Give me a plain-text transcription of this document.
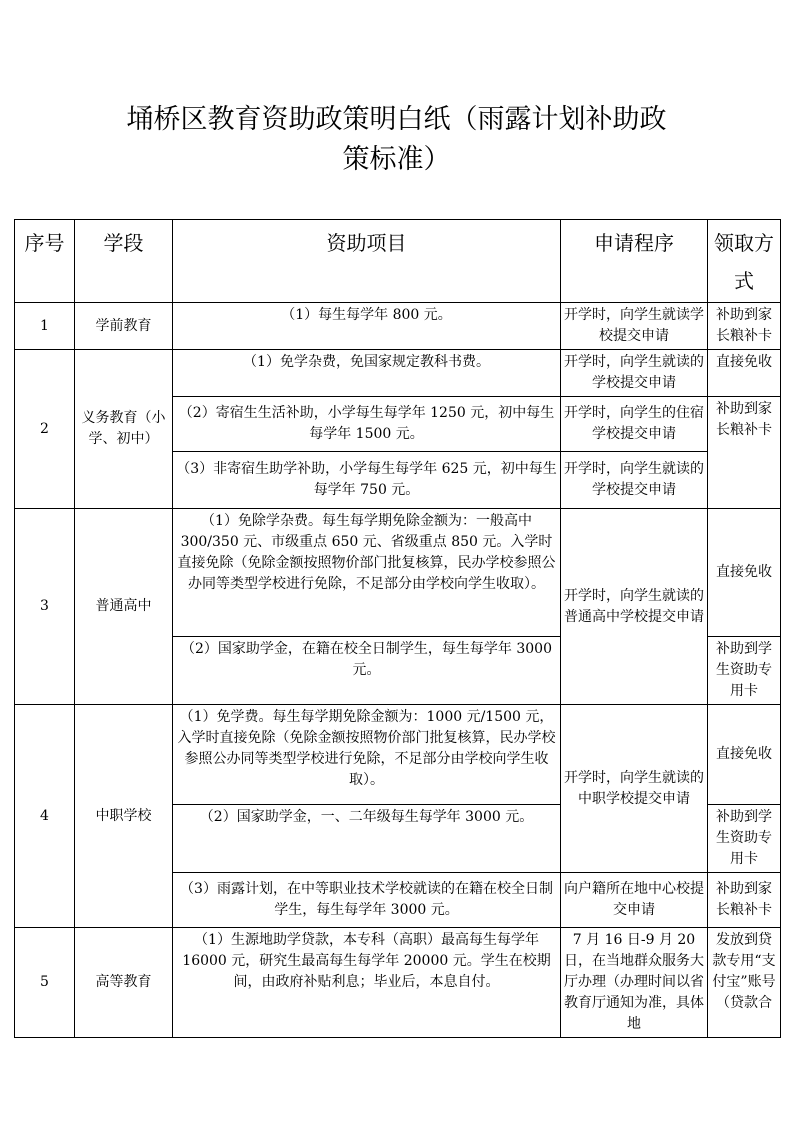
埇桥区教育资助政策明白纸（雨露计划补助政
策标准）
序号	学段	资助项目	申请程序	领取方式
1	学前教育	（1）每生每学年 800 元。	开学时，向学生就读学校提交申请	补助到家长粮补卡
2	义务教育（小学、初中）	（1）免学杂费，免国家规定教科书费。	开学时，向学生就读的学校提交申请	直接免收
		（2）寄宿生生活补助，小学每生每学年 1250 元，初中每生每学年 1500 元。	开学时，向学生的住宿学校提交申请	补助到家长粮补卡
		（3）非寄宿生助学补助，小学每生每学年 625 元，初中每生每学年 750 元。	开学时，向学生就读的学校提交申请	
3	普通高中	（1）免除学杂费。每生每学期免除金额为：一般高中 300/350 元、市级重点 650 元、省级重点 850 元。入学时直接免除（免除金额按照物价部门批复核算，民办学校参照公办同等类型学校进行免除，不足部分由学校向学生收取）。	开学时，向学生就读的普通高中学校提交申请	直接免收
		（2）国家助学金，在籍在校全日制学生，每生每学年 3000 元。		补助到学生资助专用卡
4	中职学校	（1）免学费。每生每学期免除金额为：1000 元/1500 元，入学时直接免除（免除金额按照物价部门批复核算，民办学校参照公办同等类型学校进行免除，不足部分由学校向学生收取）。	开学时，向学生就读的中职学校提交申请	直接免收
		（2）国家助学金，一、二年级每生每学年 3000 元。		补助到学生资助专用卡
		（3）雨露计划，在中等职业技术学校就读的在籍在校全日制学生，每生每学年 3000 元。	向户籍所在地中心校提交申请	补助到家长粮补卡
5	高等教育	（1）生源地助学贷款，本专科（高职）最高每生每学年 16000 元，研究生最高每生每学年 20000 元。学生在校期间，由政府补贴利息；毕业后，本息自付。	7 月 16 日-9 月 20 日，在当地群众服务大厅办理（办理时间以省教育厅通知为准，具体地	发放到贷款专用“支付宝”账号（贷款合
